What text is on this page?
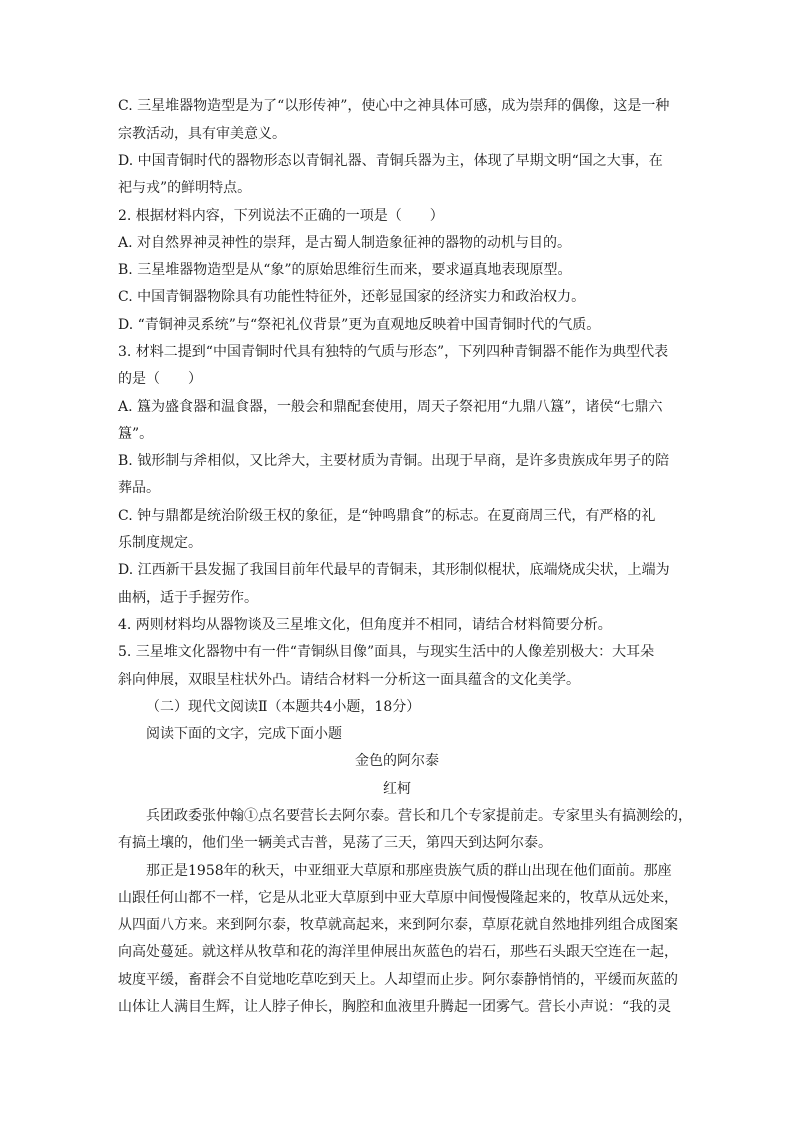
C. 三星堆器物造型是为了“以形传神”，使心中之神具体可感，成为崇拜的偶像，这是一种
宗教活动，具有审美意义。
D. 中国青铜时代的器物形态以青铜礼器、青铜兵器为主，体现了早期文明“国之大事，在
祀与戎”的鲜明特点。
2. 根据材料内容，下列说法不正确的一项是（　　）
A. 对自然界神灵神性的崇拜，是古蜀人制造象征神的器物的动机与目的。
B. 三星堆器物造型是从“象”的原始思维衍生而来，要求逼真地表现原型。
C. 中国青铜器物除具有功能性特征外，还彰显国家的经济实力和政治权力。
D. “青铜神灵系统”与“祭祀礼仪背景”更为直观地反映着中国青铜时代的气质。
3. 材料二提到“中国青铜时代具有独特的气质与形态”，下列四种青铜器不能作为典型代表
的是（　　）
A. 簋为盛食器和温食器，一般会和鼎配套使用，周天子祭祀用“九鼎八簋”，诸侯“七鼎六
簋”。
B. 钺形制与斧相似，又比斧大，主要材质为青铜。出现于早商，是许多贵族成年男子的陪
葬品。
C. 钟与鼎都是统治阶级王权的象征，是“钟鸣鼎食”的标志。在夏商周三代，有严格的礼
乐制度规定。
D. 江西新干县发掘了我国目前年代最早的青铜耒，其形制似棍状，底端烧成尖状，上端为
曲柄，适于手握劳作。
4. 两则材料均从器物谈及三星堆文化，但角度并不相同，请结合材料简要分析。
5. 三星堆文化器物中有一件“青铜纵目像”面具，与现实生活中的人像差别极大：大耳朵
斜向伸展，双眼呈柱状外凸。请结合材料一分析这一面具蕴含的文化美学。
（二）现代文阅读Ⅱ（本题共4小题，18分）
阅读下面的文字，完成下面小题
金色的阿尔泰
红柯
兵团政委张仲翰①点名要营长去阿尔泰。营长和几个专家提前走。专家里头有搞测绘的，
有搞土壤的，他们坐一辆美式吉普，晃荡了三天，第四天到达阿尔泰。
那正是1958年的秋天，中亚细亚大草原和那座贵族气质的群山出现在他们面前。那座
山跟任何山都不一样，它是从北亚大草原到中亚大草原中间慢慢隆起来的，牧草从远处来，
从四面八方来。来到阿尔泰，牧草就高起来，来到阿尔泰，草原花就自然地排列组合成图案
向高处蔓延。就这样从牧草和花的海洋里伸展出灰蓝色的岩石，那些石头跟天空连在一起，
坡度平缓，畜群会不自觉地吃草吃到天上。人却望而止步。阿尔泰静悄悄的，平缓而灰蓝的
山体让人满目生辉，让人脖子伸长，胸腔和血液里升腾起一团雾气。营长小声说：“我的灵
